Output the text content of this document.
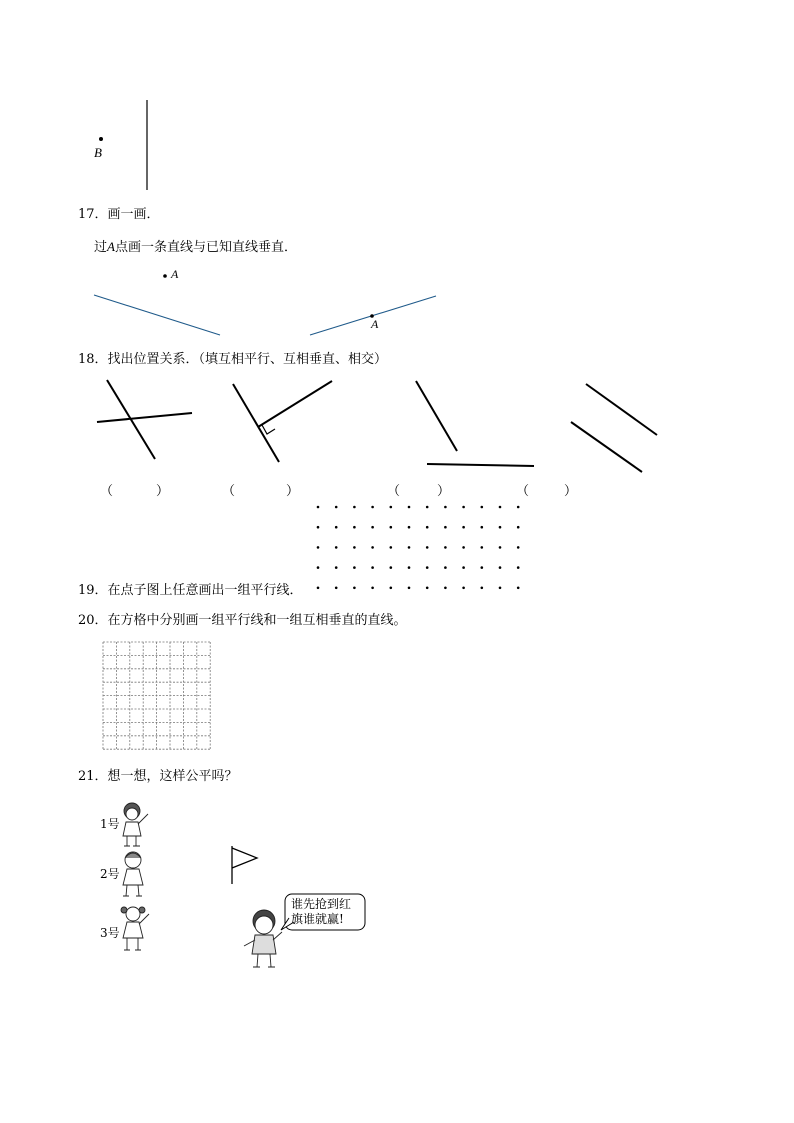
B
17．画一画．
过A点画一条直线与已知直线垂直．
A
A
18．找出位置关系．（填互相平行、互相垂直、相交）
（	）	（	）	（	）	（	）
19．在点子图上任意画出一组平行线．
20．在方格中分别画一组平行线和一组互相垂直的直线。
21．想一想，这样公平吗？
1号
2号
3号
谁先抢到红
旗谁就赢!
